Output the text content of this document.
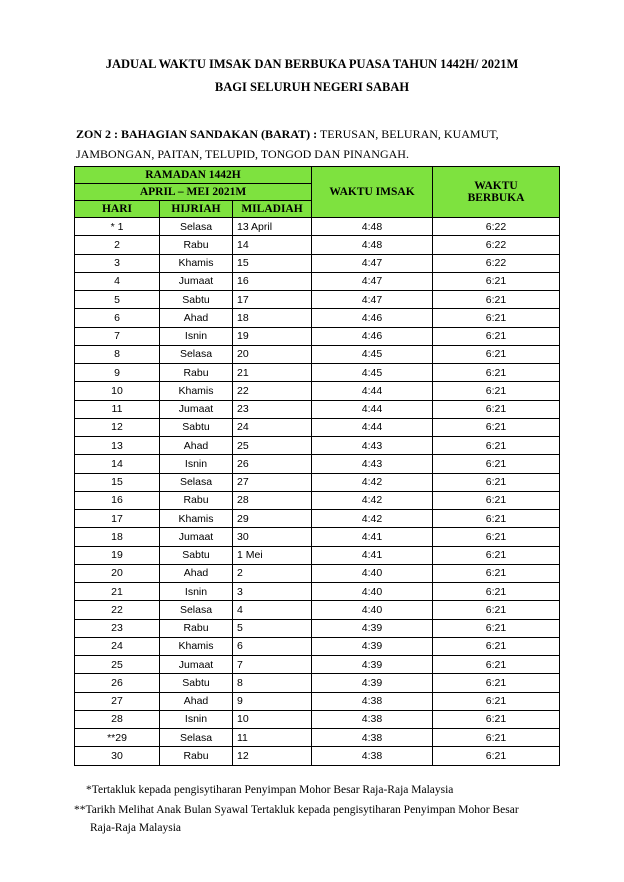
JADUAL WAKTU IMSAK DAN BERBUKA PUASA TAHUN 1442H/ 2021M
BAGI SELURUH NEGERI SABAH
ZON 2 : BAHAGIAN SANDAKAN (BARAT) : TERUSAN, BELURAN, KUAMUT,
JAMBONGAN, PAITAN, TELUPID, TONGOD DAN PINANGAH.
RAMADAN 1442H			WAKTU IMSAK	WAKTU
BERBUKA
APRIL – MEI 2021M				
HARI	HIJRIAH	MILADIAH		
* 1	Selasa	13 April	4:48	6:22
2	Rabu	14	4:48	6:22
3	Khamis	15	4:47	6:22
4	Jumaat	16	4:47	6:21
5	Sabtu	17	4:47	6:21
6	Ahad	18	4:46	6:21
7	Isnin	19	4:46	6:21
8	Selasa	20	4:45	6:21
9	Rabu	21	4:45	6:21
10	Khamis	22	4:44	6:21
11	Jumaat	23	4:44	6:21
12	Sabtu	24	4:44	6:21
13	Ahad	25	4:43	6:21
14	Isnin	26	4:43	6:21
15	Selasa	27	4:42	6:21
16	Rabu	28	4:42	6:21
17	Khamis	29	4:42	6:21
18	Jumaat	30	4:41	6:21
19	Sabtu	1 Mei	4:41	6:21
20	Ahad	2	4:40	6:21
21	Isnin	3	4:40	6:21
22	Selasa	4	4:40	6:21
23	Rabu	5	4:39	6:21
24	Khamis	6	4:39	6:21
25	Jumaat	7	4:39	6:21
26	Sabtu	8	4:39	6:21
27	Ahad	9	4:38	6:21
28	Isnin	10	4:38	6:21
**29	Selasa	11	4:38	6:21
30	Rabu	12	4:38	6:21
*Tertakluk kepada pengisytiharan Penyimpan Mohor Besar Raja-Raja Malaysia
**Tarikh Melihat Anak Bulan Syawal Tertakluk kepada pengisytiharan Penyimpan Mohor Besar
Raja-Raja Malaysia
